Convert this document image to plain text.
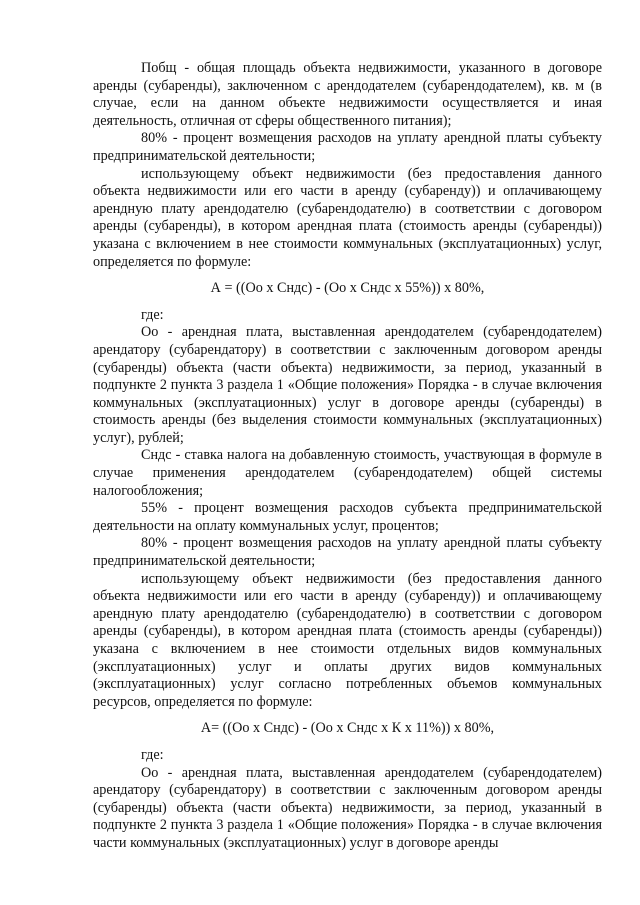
Побщ - общая площадь объекта недвижимости, указанного в договоре аренды (субаренды), заключенном с арендодателем (субарендодателем), кв. м (в случае, если на данном объекте недвижимости осуществляется и иная деятельность, отличная от сферы общественного питания);

80% - процент возмещения расходов на уплату арендной платы субъекту предпринимательской деятельности;

использующему объект недвижимости (без предоставления данного объекта недвижимости или его части в аренду (субаренду)) и оплачивающему арендную плату арендодателю (субарендодателю) в соответствии с договором аренды (субаренды), в котором арендная плата (стоимость аренды (субаренды)) указана с включением в нее стоимости коммунальных (эксплуатационных) услуг, определяется по формуле:

А = ((Оо х Сндс) - (Оо х Сндс х 55%)) х 80%,

где:

Оо - арендная плата, выставленная арендодателем (субарендодателем) арендатору (субарендатору) в соответствии с заключенным договором аренды (субаренды) объекта (части объекта) недвижимости, за период, указанный в подпункте 2 пункта 3 раздела 1 «Общие положения» Порядка - в случае включения коммунальных (эксплуатационных) услуг в договоре аренды (субаренды) в стоимость аренды (без выделения стоимости коммунальных (эксплуатационных) услуг), рублей;

Сндс - ставка налога на добавленную стоимость, участвующая в формуле в случае применения арендодателем (субарендодателем) общей системы налогообложения;

55% - процент возмещения расходов субъекта предпринимательской деятельности на оплату коммунальных услуг, процентов;

80% - процент возмещения расходов на уплату арендной платы субъекту предпринимательской деятельности;

использующему объект недвижимости (без предоставления данного объекта недвижимости или его части в аренду (субаренду)) и оплачивающему арендную плату арендодателю (субарендодателю) в соответствии с договором аренды (субаренды), в котором арендная плата (стоимость аренды (субаренды)) указана с включением в нее стоимости отдельных видов коммунальных (эксплуатационных) услуг и оплаты других видов коммунальных (эксплуатационных) услуг согласно потребленных объемов коммунальных ресурсов, определяется по формуле:

А= ((Оо х Сндс) - (Оо х Сндс х К х 11%)) х 80%,

где:

Оо - арендная плата, выставленная арендодателем (субарендодателем) арендатору (субарендатору) в соответствии с заключенным договором аренды (субаренды) объекта (части объекта) недвижимости, за период, указанный в подпункте 2 пункта 3 раздела 1 «Общие положения» Порядка - в случае включения части коммунальных (эксплуатационных) услуг в договоре аренды
